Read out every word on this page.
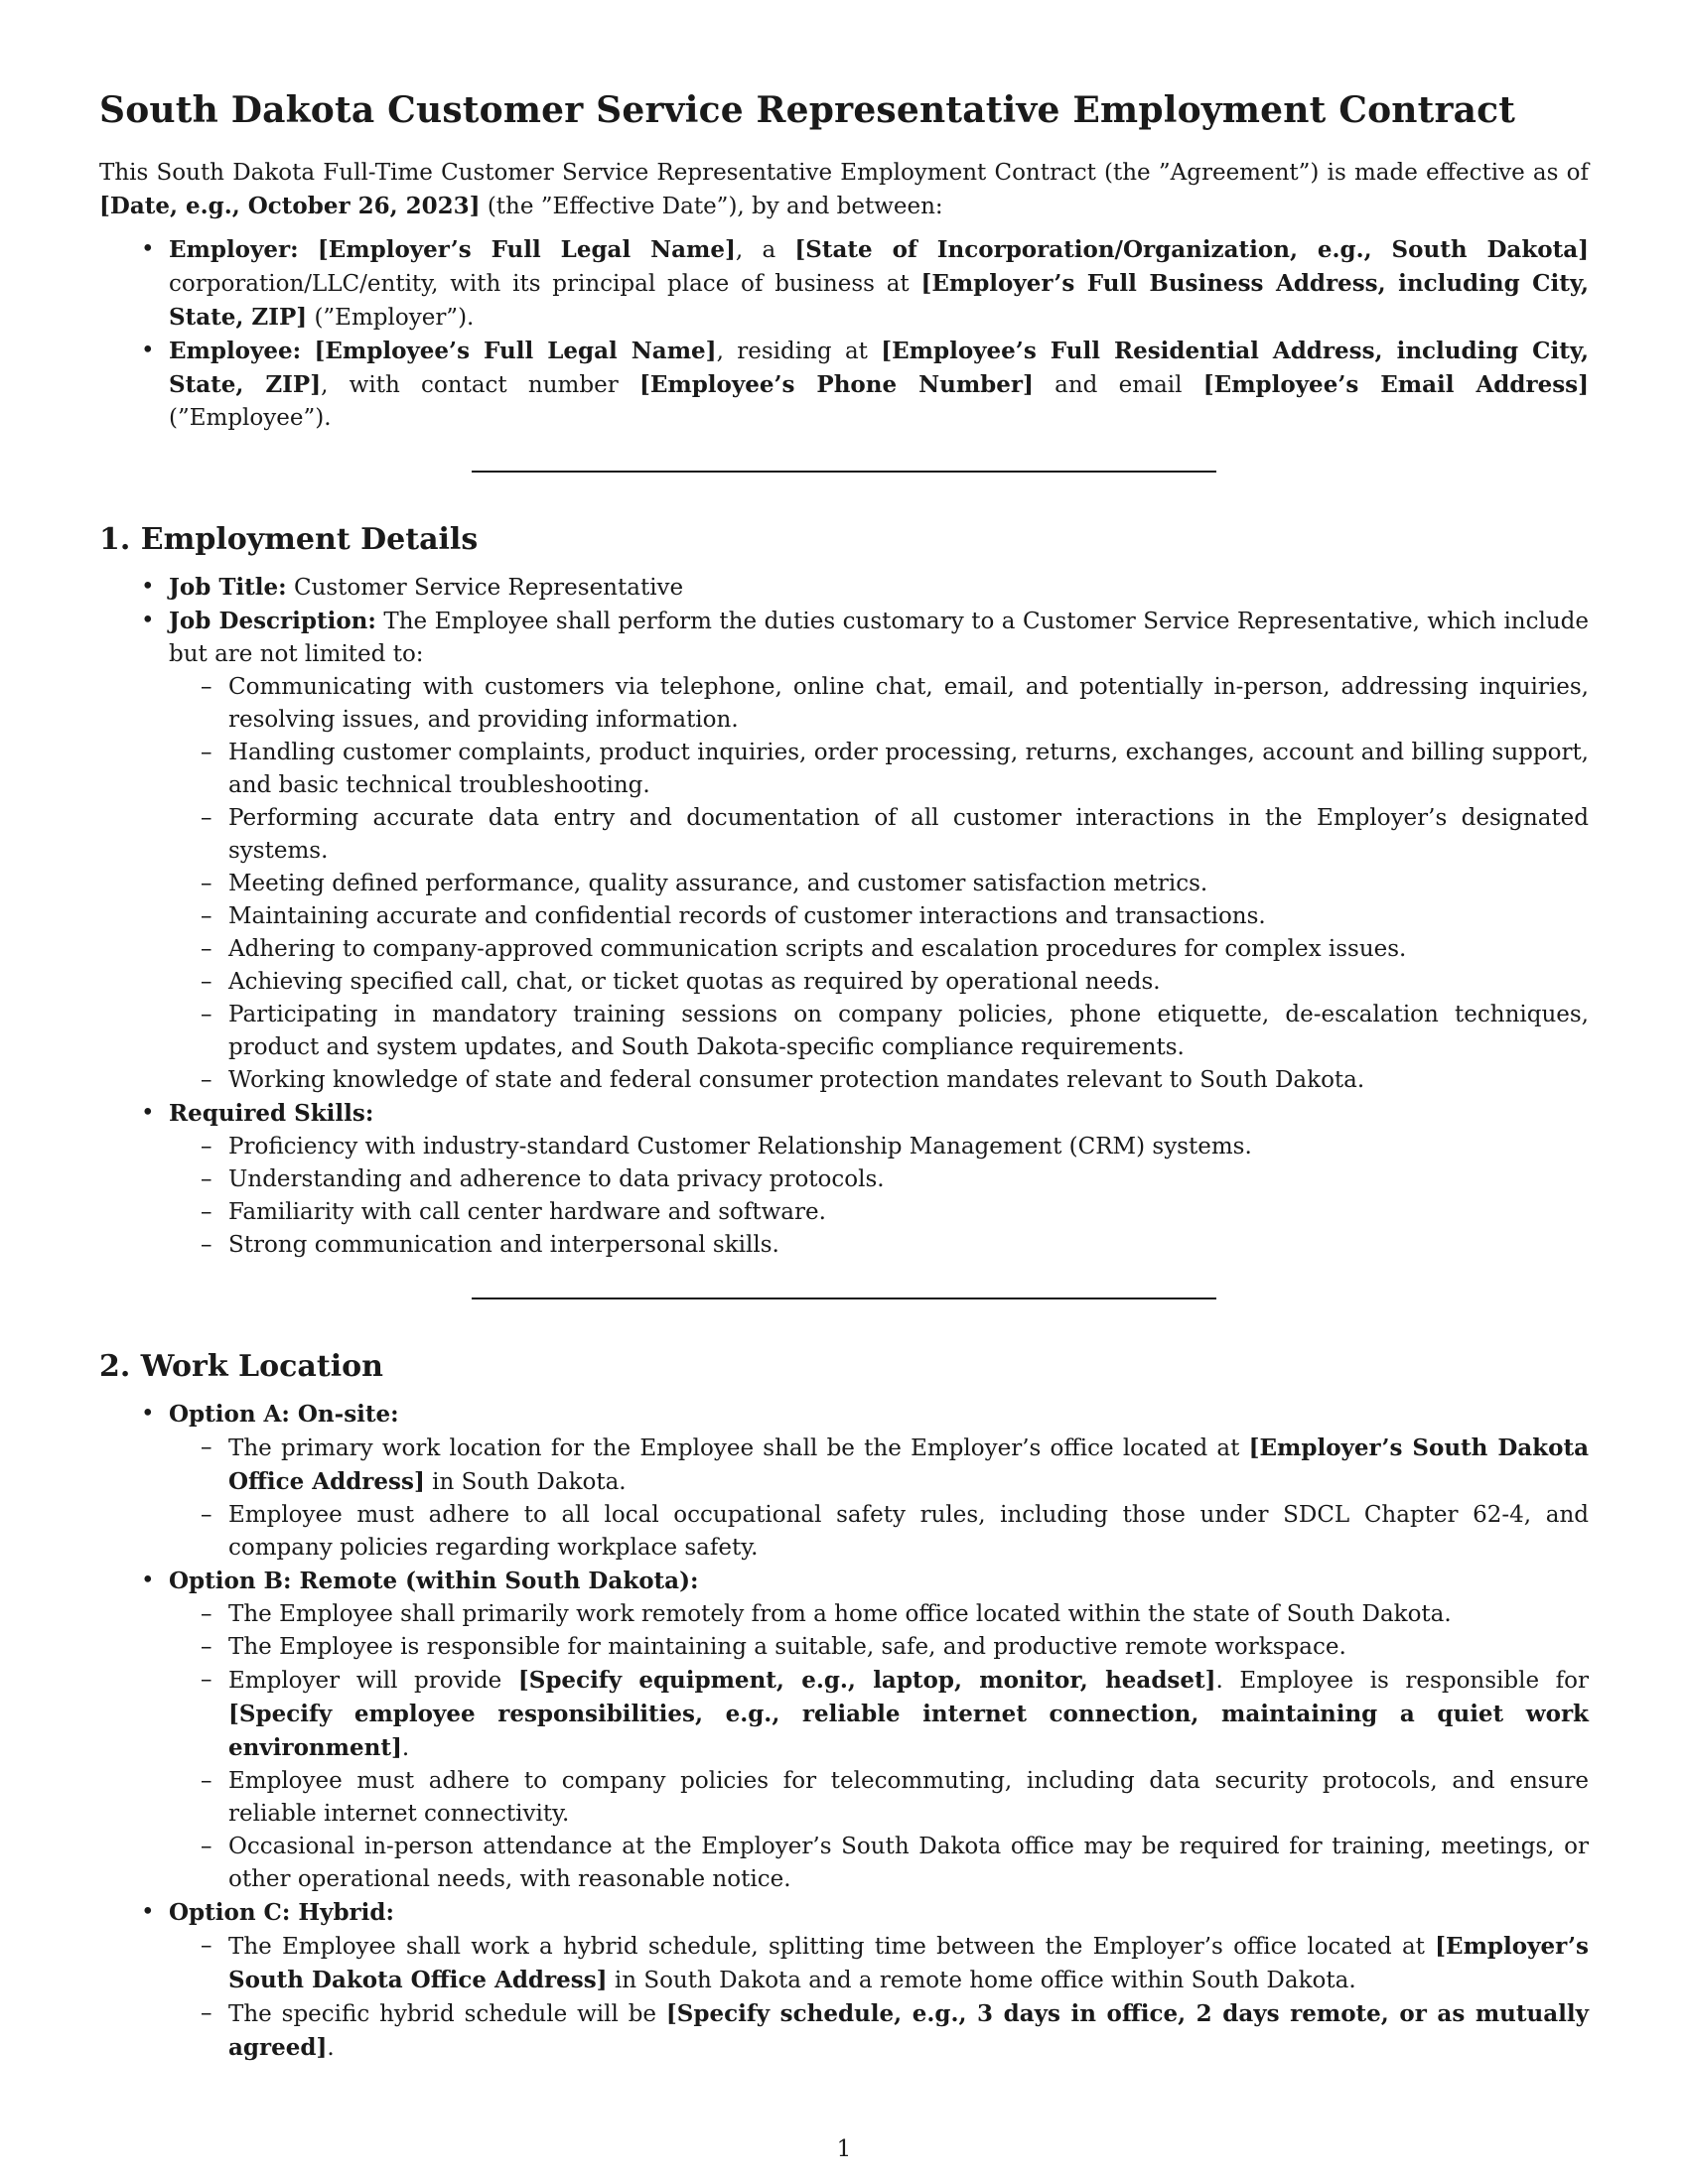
South Dakota Customer Service Representative Employment Contract

This South Dakota Full-Time Customer Service Representative Employment Contract (the ”Agreement”) is made effective as of [Date, e.g., October 26, 2023] (the ”Effective Date”), by and between:

• Employer: [Employer’s Full Legal Name], a [State of Incorporation/Organization, e.g., South Dakota] corporation/LLC/entity, with its principal place of business at [Employer’s Full Business Address, including City, State, ZIP] (”Employer”).
• Employee: [Employee’s Full Legal Name], residing at [Employee’s Full Residential Address, including City, State, ZIP], with contact number [Employee’s Phone Number] and email [Employee’s Email Address] (”Employee”).
1. Employment Details
• Job Title: Customer Service Representative
• Job Description: The Employee shall perform the duties customary to a Customer Service Representative, which include but are not limited to:
– Communicating with customers via telephone, online chat, email, and potentially in-person, addressing inquiries, resolving issues, and providing information.
– Handling customer complaints, product inquiries, order processing, returns, exchanges, account and billing support, and basic technical troubleshooting.
– Performing accurate data entry and documentation of all customer interactions in the Employer’s designated systems.
– Meeting defined performance, quality assurance, and customer satisfaction metrics.
– Maintaining accurate and confidential records of customer interactions and transactions.
– Adhering to company-approved communication scripts and escalation procedures for complex issues.
– Achieving specified call, chat, or ticket quotas as required by operational needs.
– Participating in mandatory training sessions on company policies, phone etiquette, de-escalation techniques, product and system updates, and South Dakota-specific compliance requirements.
– Working knowledge of state and federal consumer protection mandates relevant to South Dakota.
• Required Skills:
– Proficiency with industry-standard Customer Relationship Management (CRM) systems.
– Understanding and adherence to data privacy protocols.
– Familiarity with call center hardware and software.
– Strong communication and interpersonal skills.
2. Work Location
• Option A: On-site:
– The primary work location for the Employee shall be the Employer’s office located at [Employer’s South Dakota Office Address] in South Dakota.
– Employee must adhere to all local occupational safety rules, including those under SDCL Chapter 62-4, and company policies regarding workplace safety.
• Option B: Remote (within South Dakota):
– The Employee shall primarily work remotely from a home office located within the state of South Dakota.
– The Employee is responsible for maintaining a suitable, safe, and productive remote workspace.
– Employer will provide [Specify equipment, e.g., laptop, monitor, headset]. Employee is responsible for [Specify employee responsibilities, e.g., reliable internet connection, maintaining a quiet work environment].
– Employee must adhere to company policies for telecommuting, including data security protocols, and ensure reliable internet connectivity.
– Occasional in-person attendance at the Employer’s South Dakota office may be required for training, meetings, or other operational needs, with reasonable notice.
• Option C: Hybrid:
– The Employee shall work a hybrid schedule, splitting time between the Employer’s office located at [Employer’s South Dakota Office Address] in South Dakota and a remote home office within South Dakota.
– The specific hybrid schedule will be [Specify schedule, e.g., 3 days in office, 2 days remote, or as mutually agreed].
1
